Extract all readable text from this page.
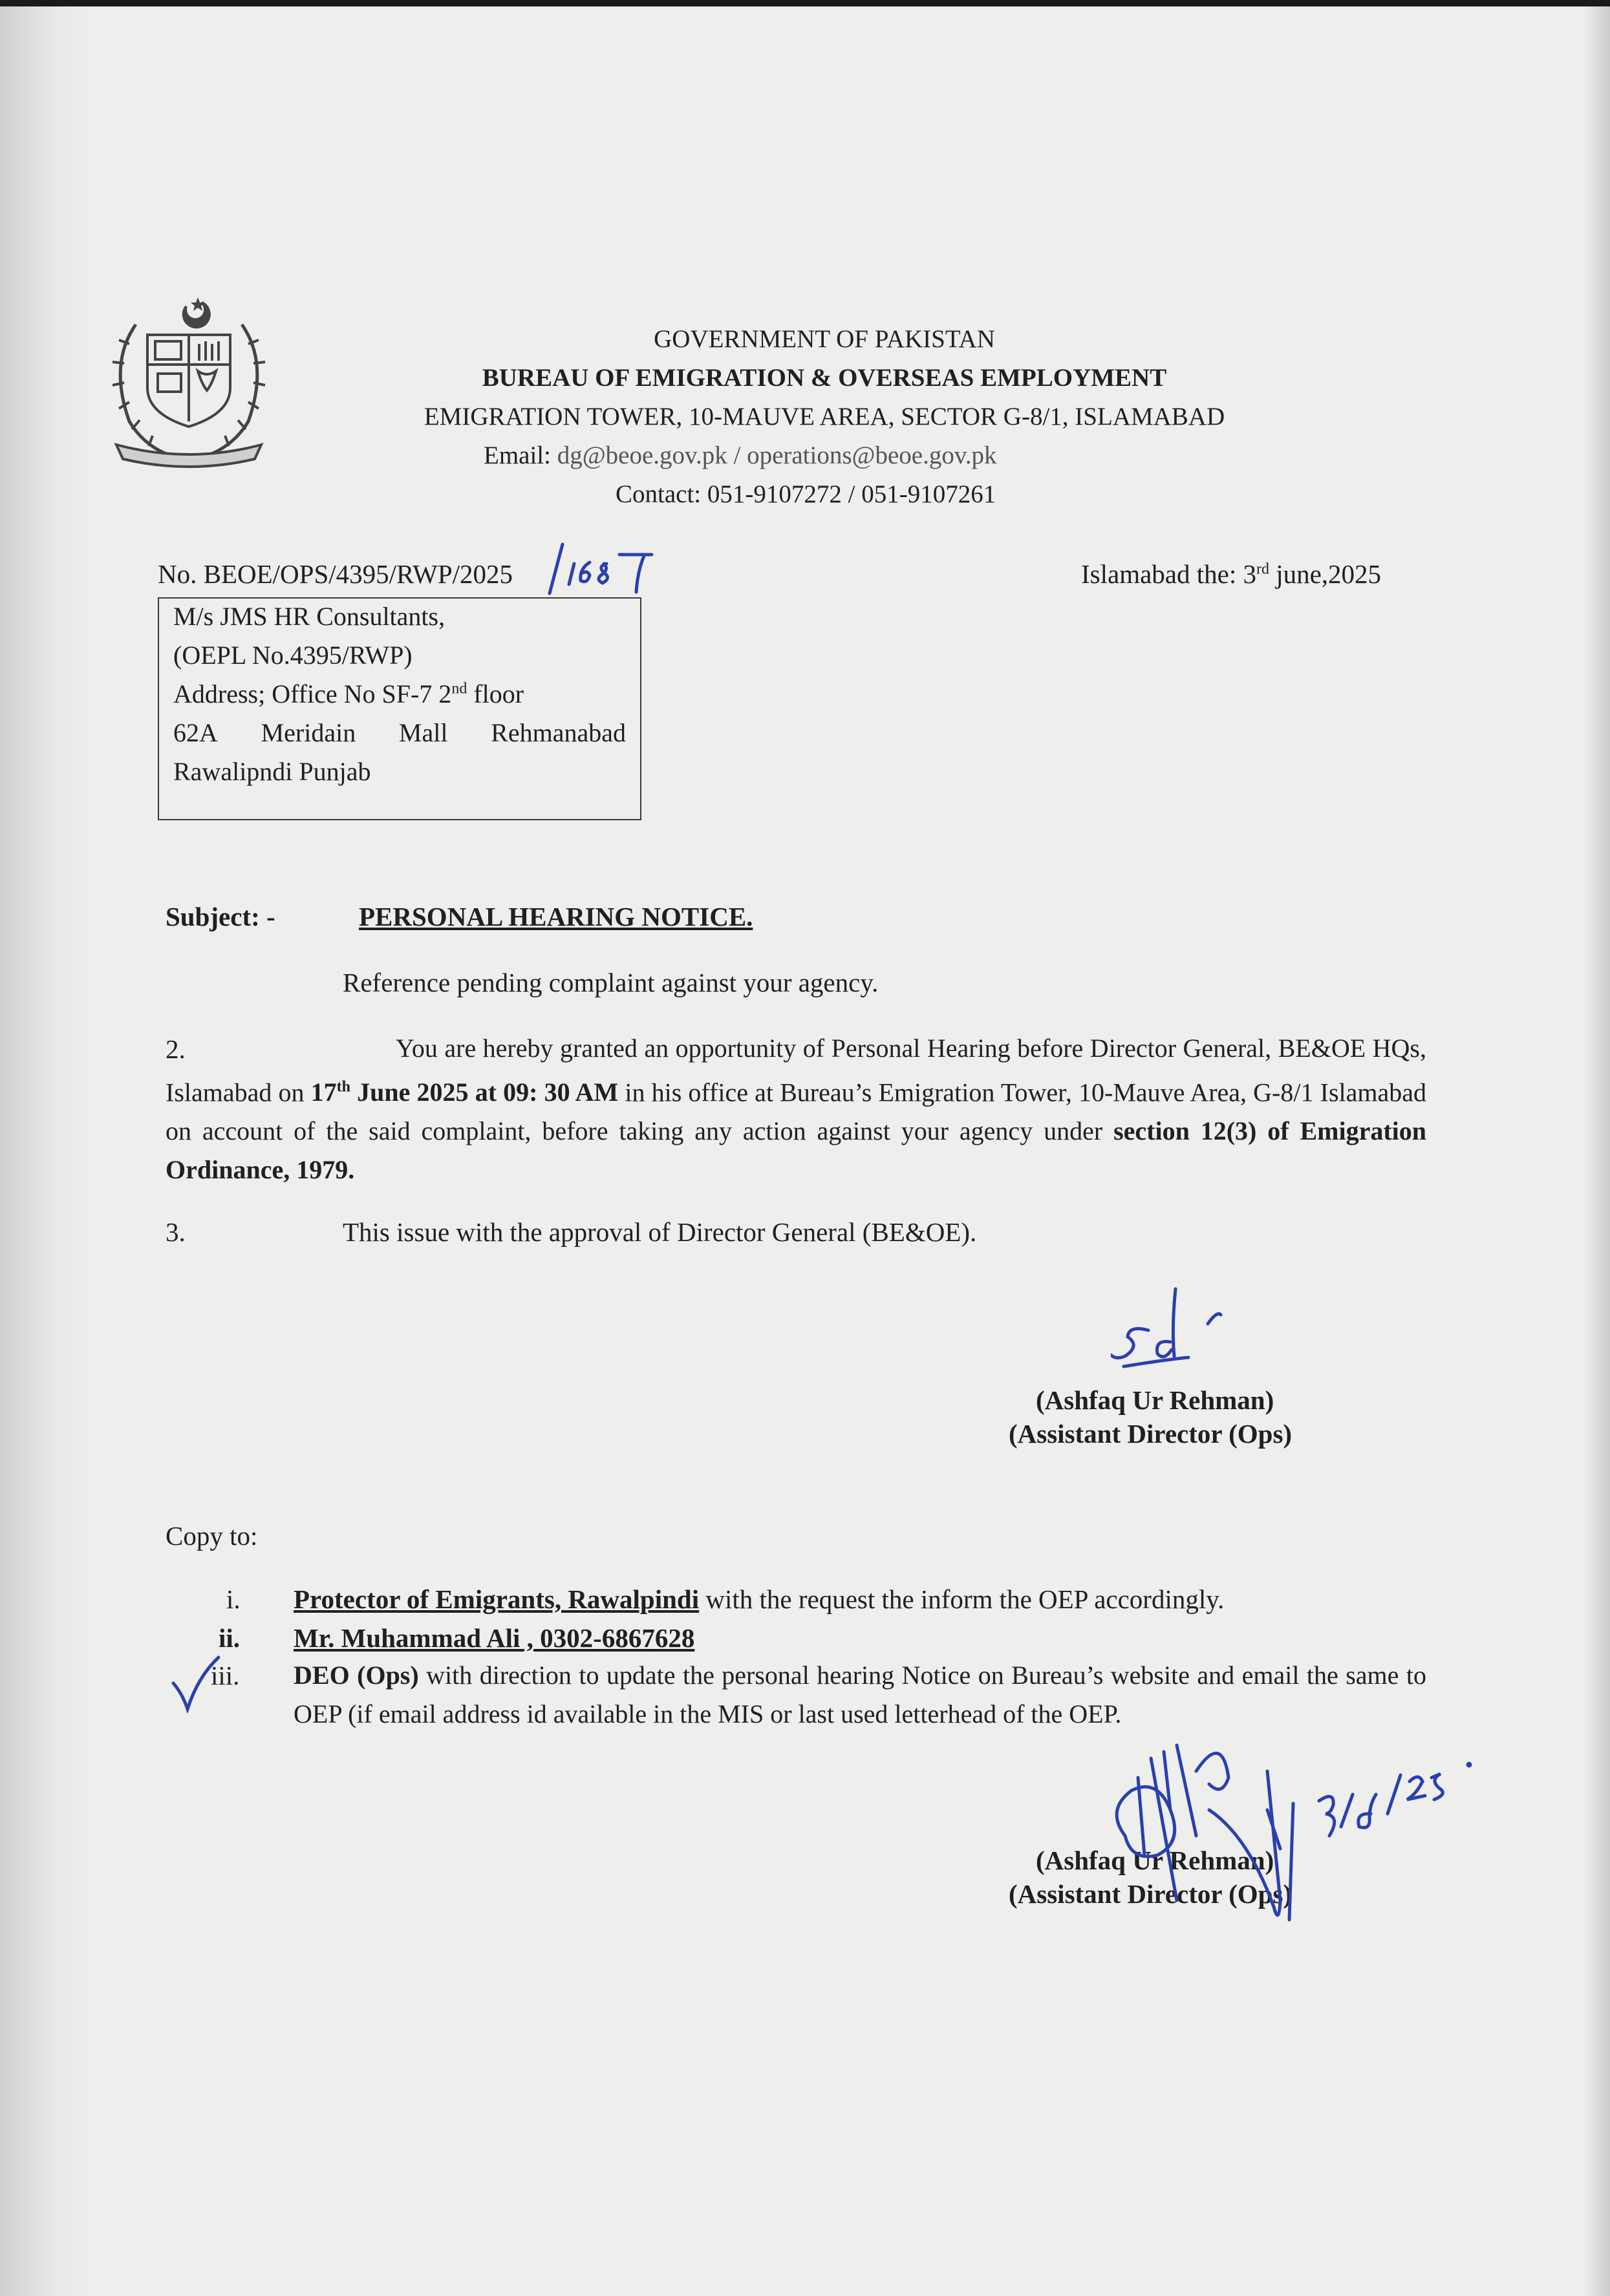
GOVERNMENT OF PAKISTAN
BUREAU OF EMIGRATION & OVERSEAS EMPLOYMENT
EMIGRATION TOWER, 10-MAUVE AREA, SECTOR G-8/1, ISLAMABAD
Email: dg@beoe.gov.pk / operations@beoe.gov.pk
Contact: 051-9107272 / 051-9107261
No. BEOE/OPS/4395/RWP/2025	Islamabad the: 3rd june,2025
M/s JMS HR Consultants,
(OEPL No.4395/RWP)
Address; Office No SF-7 2nd floor
62A Meridain Mall Rehmanabad
Rawalipndi Punjab
Subject: -	PERSONAL HEARING NOTICE.
Reference pending complaint against your agency.
2.	You are hereby granted an opportunity of Personal Hearing before Director General, BE&OE HQs, Islamabad on 17th June 2025 at 09: 30 AM in his office at Bureau’s Emigration Tower, 10-Mauve Area, G-8/1 Islamabad on account of the said complaint, before taking any action against your agency under section 12(3) of Emigration Ordinance, 1979.
3.	This issue with the approval of Director General (BE&OE).
(Ashfaq Ur Rehman)
(Assistant Director (Ops)
Copy to:
i. Protector of Emigrants, Rawalpindi with the request the inform the OEP accordingly.
ii. Mr. Muhammad Ali , 0302-6867628
iii. DEO (Ops) with direction to update the personal hearing Notice on Bureau’s website and email the same to OEP (if email address id available in the MIS or last used letterhead of the OEP.
(Ashfaq Ur Rehman)
(Assistant Director (Ops)
